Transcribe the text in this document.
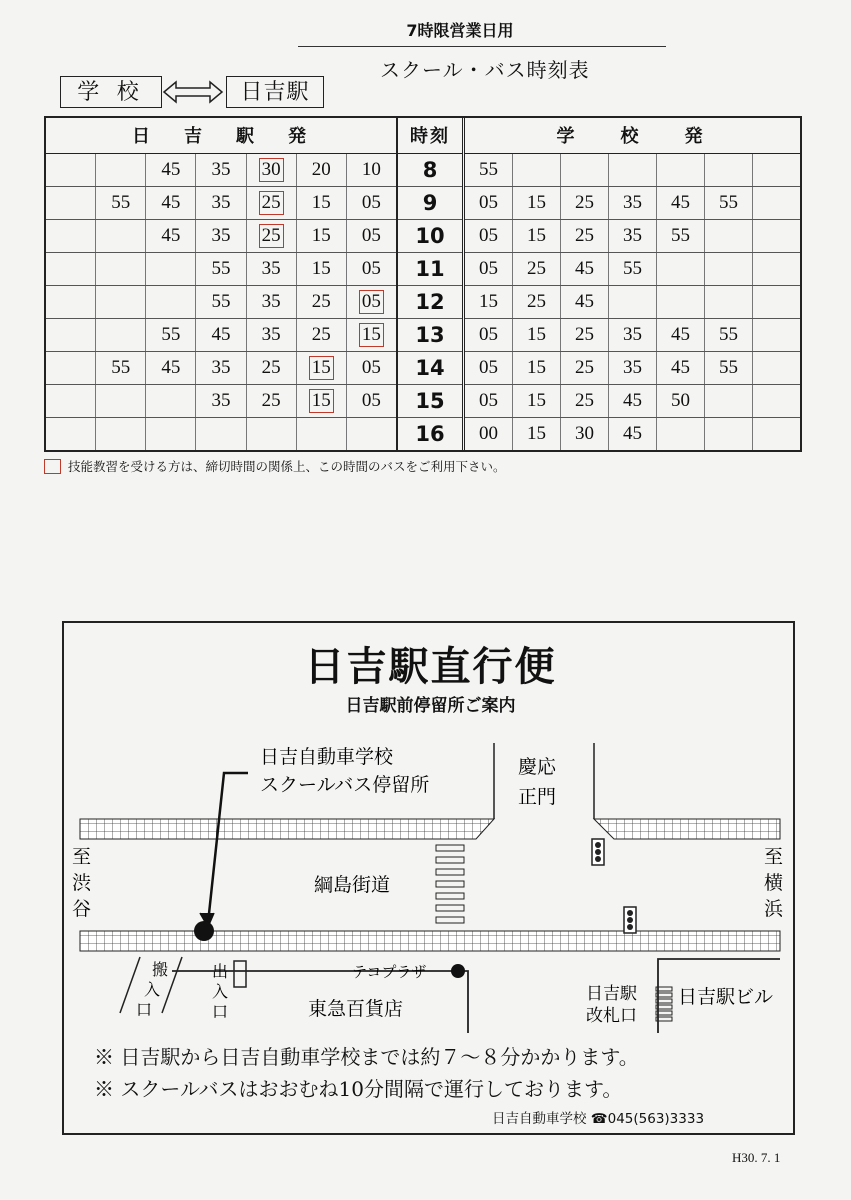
7時限営業日用
スクール・バス時刻表
学 校	日吉駅
日吉駅発
45 35 30 20 10
55 45 35 25 15 05
45 35 25 15 05
55 35 15 05
55 35 25 05
55 45 35 25 15
55 45 35 25 15 05
35 25 15 05
時刻
8
9
10
11
12
13
14
15
16
学校発
55
05 15 25 35 45 55
05 15 25 35 55
05 25 45 55
15 25 45
05 15 25 35 45 55
05 15 25 35 45 55
05 15 25 45 50
00 15 30 45
技能教習を受ける方は、締切時間の関係上、この時間のバスをご利用下さい。
日吉駅直行便
日吉駅前停留所ご案内
日吉自動車学校
スクールバス停留所
慶応
正門
綱島街道
至
渋
谷
至
横
浜
搬
入
口
出
入
口
テコプラザ
東急百貨店
日吉駅
改札口
日吉駅ビル
※ 日吉駅から日吉自動車学校までは約７～８分かかります。
※ スクールバスはおおむね10分間隔で運行しております。
日吉自動車学校 ☎045(563)3333
H30. 7. 1
